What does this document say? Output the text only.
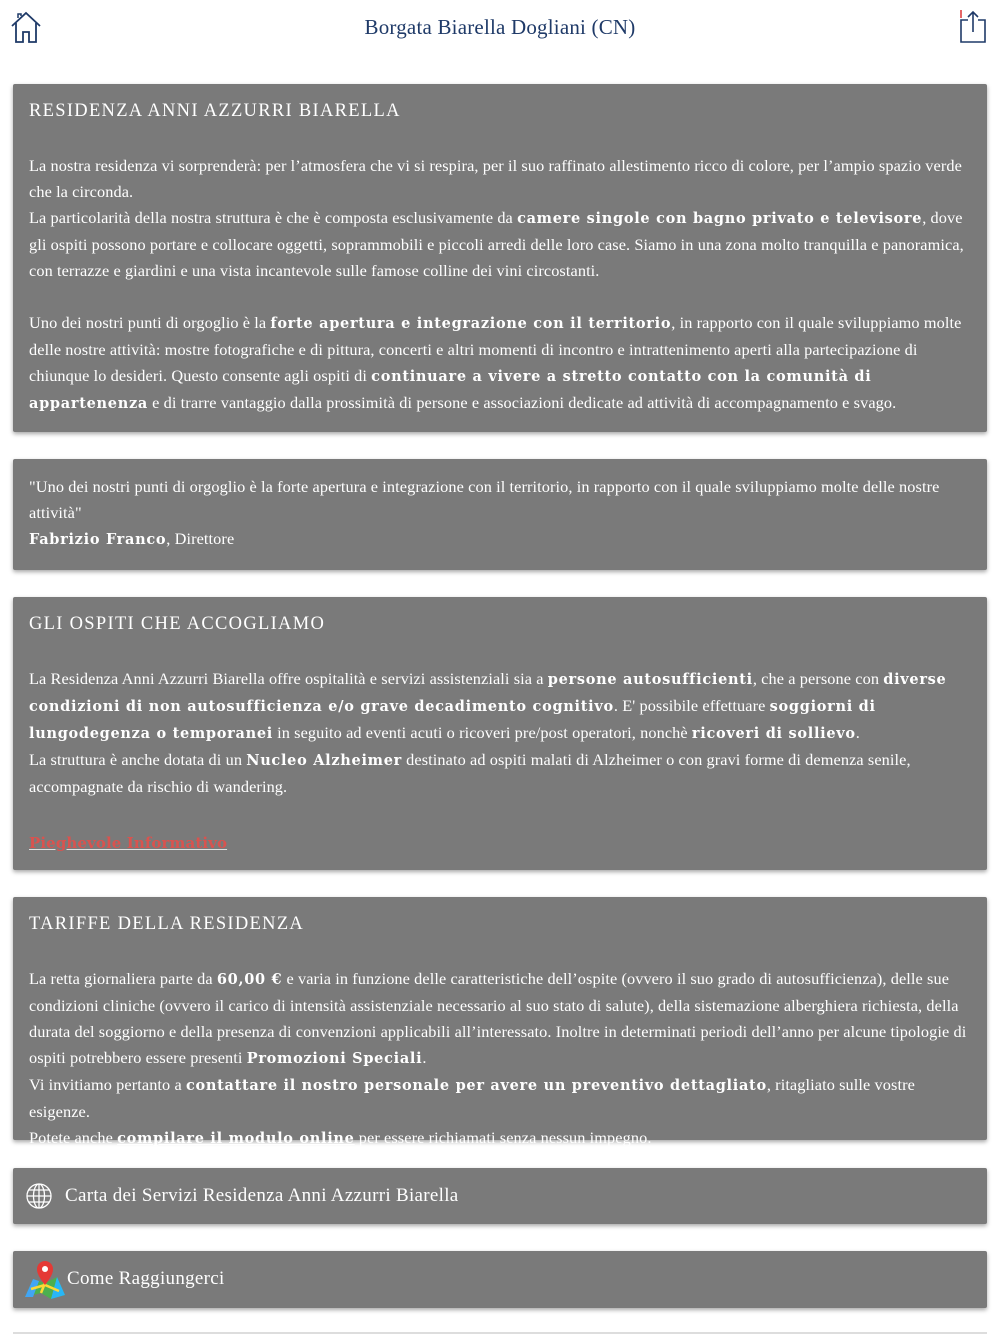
Borgata Biarella Dogliani (CN)
RESIDENZA ANNI AZZURRI BIARELLA

La nostra residenza vi sorprenderà: per l’atmosfera che vi si respira, per il suo raffinato allestimento ricco di colore, per l’ampio spazio verde che la circonda.

La particolarità della nostra struttura è che è composta esclusivamente da camere singole con bagno privato e televisore, dove gli ospiti possono portare e collocare oggetti, soprammobili e piccoli arredi delle loro case. Siamo in una zona molto tranquilla e panoramica, con terrazze e giardini e una vista incantevole sulle famose colline dei vini circostanti.

Uno dei nostri punti di orgoglio è la forte apertura e integrazione con il territorio, in rapporto con il quale sviluppiamo molte delle nostre attività: mostre fotografiche e di pittura, concerti e altri momenti di incontro e intrattenimento aperti alla partecipazione di chiunque lo desideri. Questo consente agli ospiti di continuare a vivere a stretto contatto con la comunità di appartenenza e di trarre vantaggio dalla prossimità di persone e associazioni dedicate ad attività di accompagnamento e svago.

"Uno dei nostri punti di orgoglio è la forte apertura e integrazione con il territorio, in rapporto con il quale sviluppiamo molte delle nostre attività"

Fabrizio Franco, Direttore

GLI OSPITI CHE ACCOGLIAMO

La Residenza Anni Azzurri Biarella offre ospitalità e servizi assistenziali sia a persone autosufficienti, che a persone con diverse condizioni di non autosufficienza e/o grave decadimento cognitivo. E' possibile effettuare soggiorni di lungodegenza o temporanei in seguito ad eventi acuti o ricoveri pre/post operatori, nonchè ricoveri di sollievo.

La struttura è anche dotata di un Nucleo Alzheimer destinato ad ospiti malati di Alzheimer o con gravi forme di demenza senile, accompagnate da rischio di wandering.

Pieghevole Informativo

TARIFFE DELLA RESIDENZA

La retta giornaliera parte da 60,00 € e varia in funzione delle caratteristiche dell’ospite (ovvero il suo grado di autosufficienza), delle sue condizioni cliniche (ovvero il carico di intensità assistenziale necessario al suo stato di salute), della sistemazione alberghiera richiesta, della durata del soggiorno e della presenza di convenzioni applicabili all’interessato. Inoltre in determinati periodi dell’anno per alcune tipologie di ospiti potrebbero essere presenti Promozioni Speciali.

Vi invitiamo pertanto a contattare il nostro personale per avere un preventivo dettagliato, ritagliato sulle vostre esigenze.

Potete anche compilare il modulo online per essere richiamati senza nessun impegno.

Carta dei Servizi Residenza Anni Azzurri Biarella
Come Raggiungerci
